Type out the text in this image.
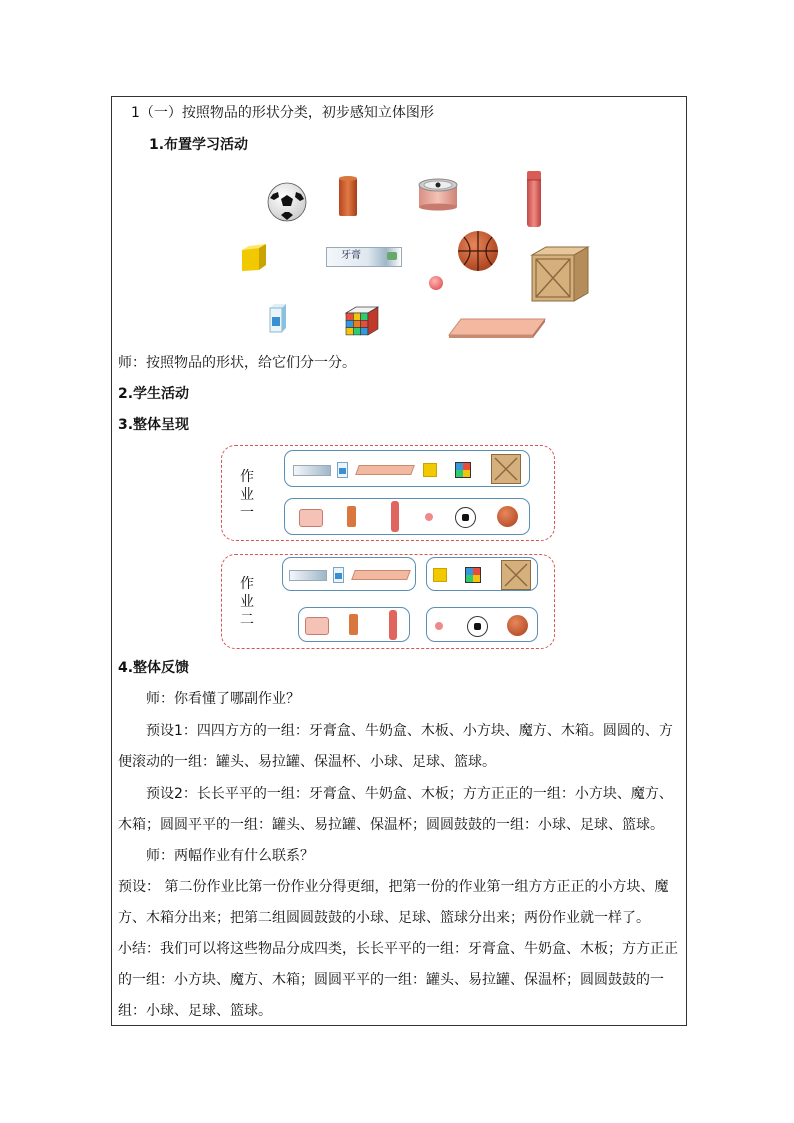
1（一）按照物品的形状分类，初步感知立体图形
1.布置学习活动
牙膏
师：按照物品的形状，给它们分一分。
2.学生活动
3.整体呈现
作
业
一
作
业
二
4.整体反馈
师：你看懂了哪副作业？
预设1：四四方方的一组：牙膏盒、牛奶盒、木板、小方块、魔方、木箱。圆圆的、方
便滚动的一组：罐头、易拉罐、保温杯、小球、足球、篮球。
预设2：长长平平的一组：牙膏盒、牛奶盒、木板；方方正正的一组：小方块、魔方、
木箱；圆圆平平的一组：罐头、易拉罐、保温杯；圆圆鼓鼓的一组：小球、足球、篮球。
师：两幅作业有什么联系？
预设： 第二份作业比第一份作业分得更细，把第一份的作业第一组方方正正的小方块、魔
方、木箱分出来；把第二组圆圆鼓鼓的小球、足球、篮球分出来；两份作业就一样了。
小结：我们可以将这些物品分成四类，长长平平的一组：牙膏盒、牛奶盒、木板；方方正正
的一组：小方块、魔方、木箱；圆圆平平的一组：罐头、易拉罐、保温杯；圆圆鼓鼓的一
组：小球、足球、篮球。
